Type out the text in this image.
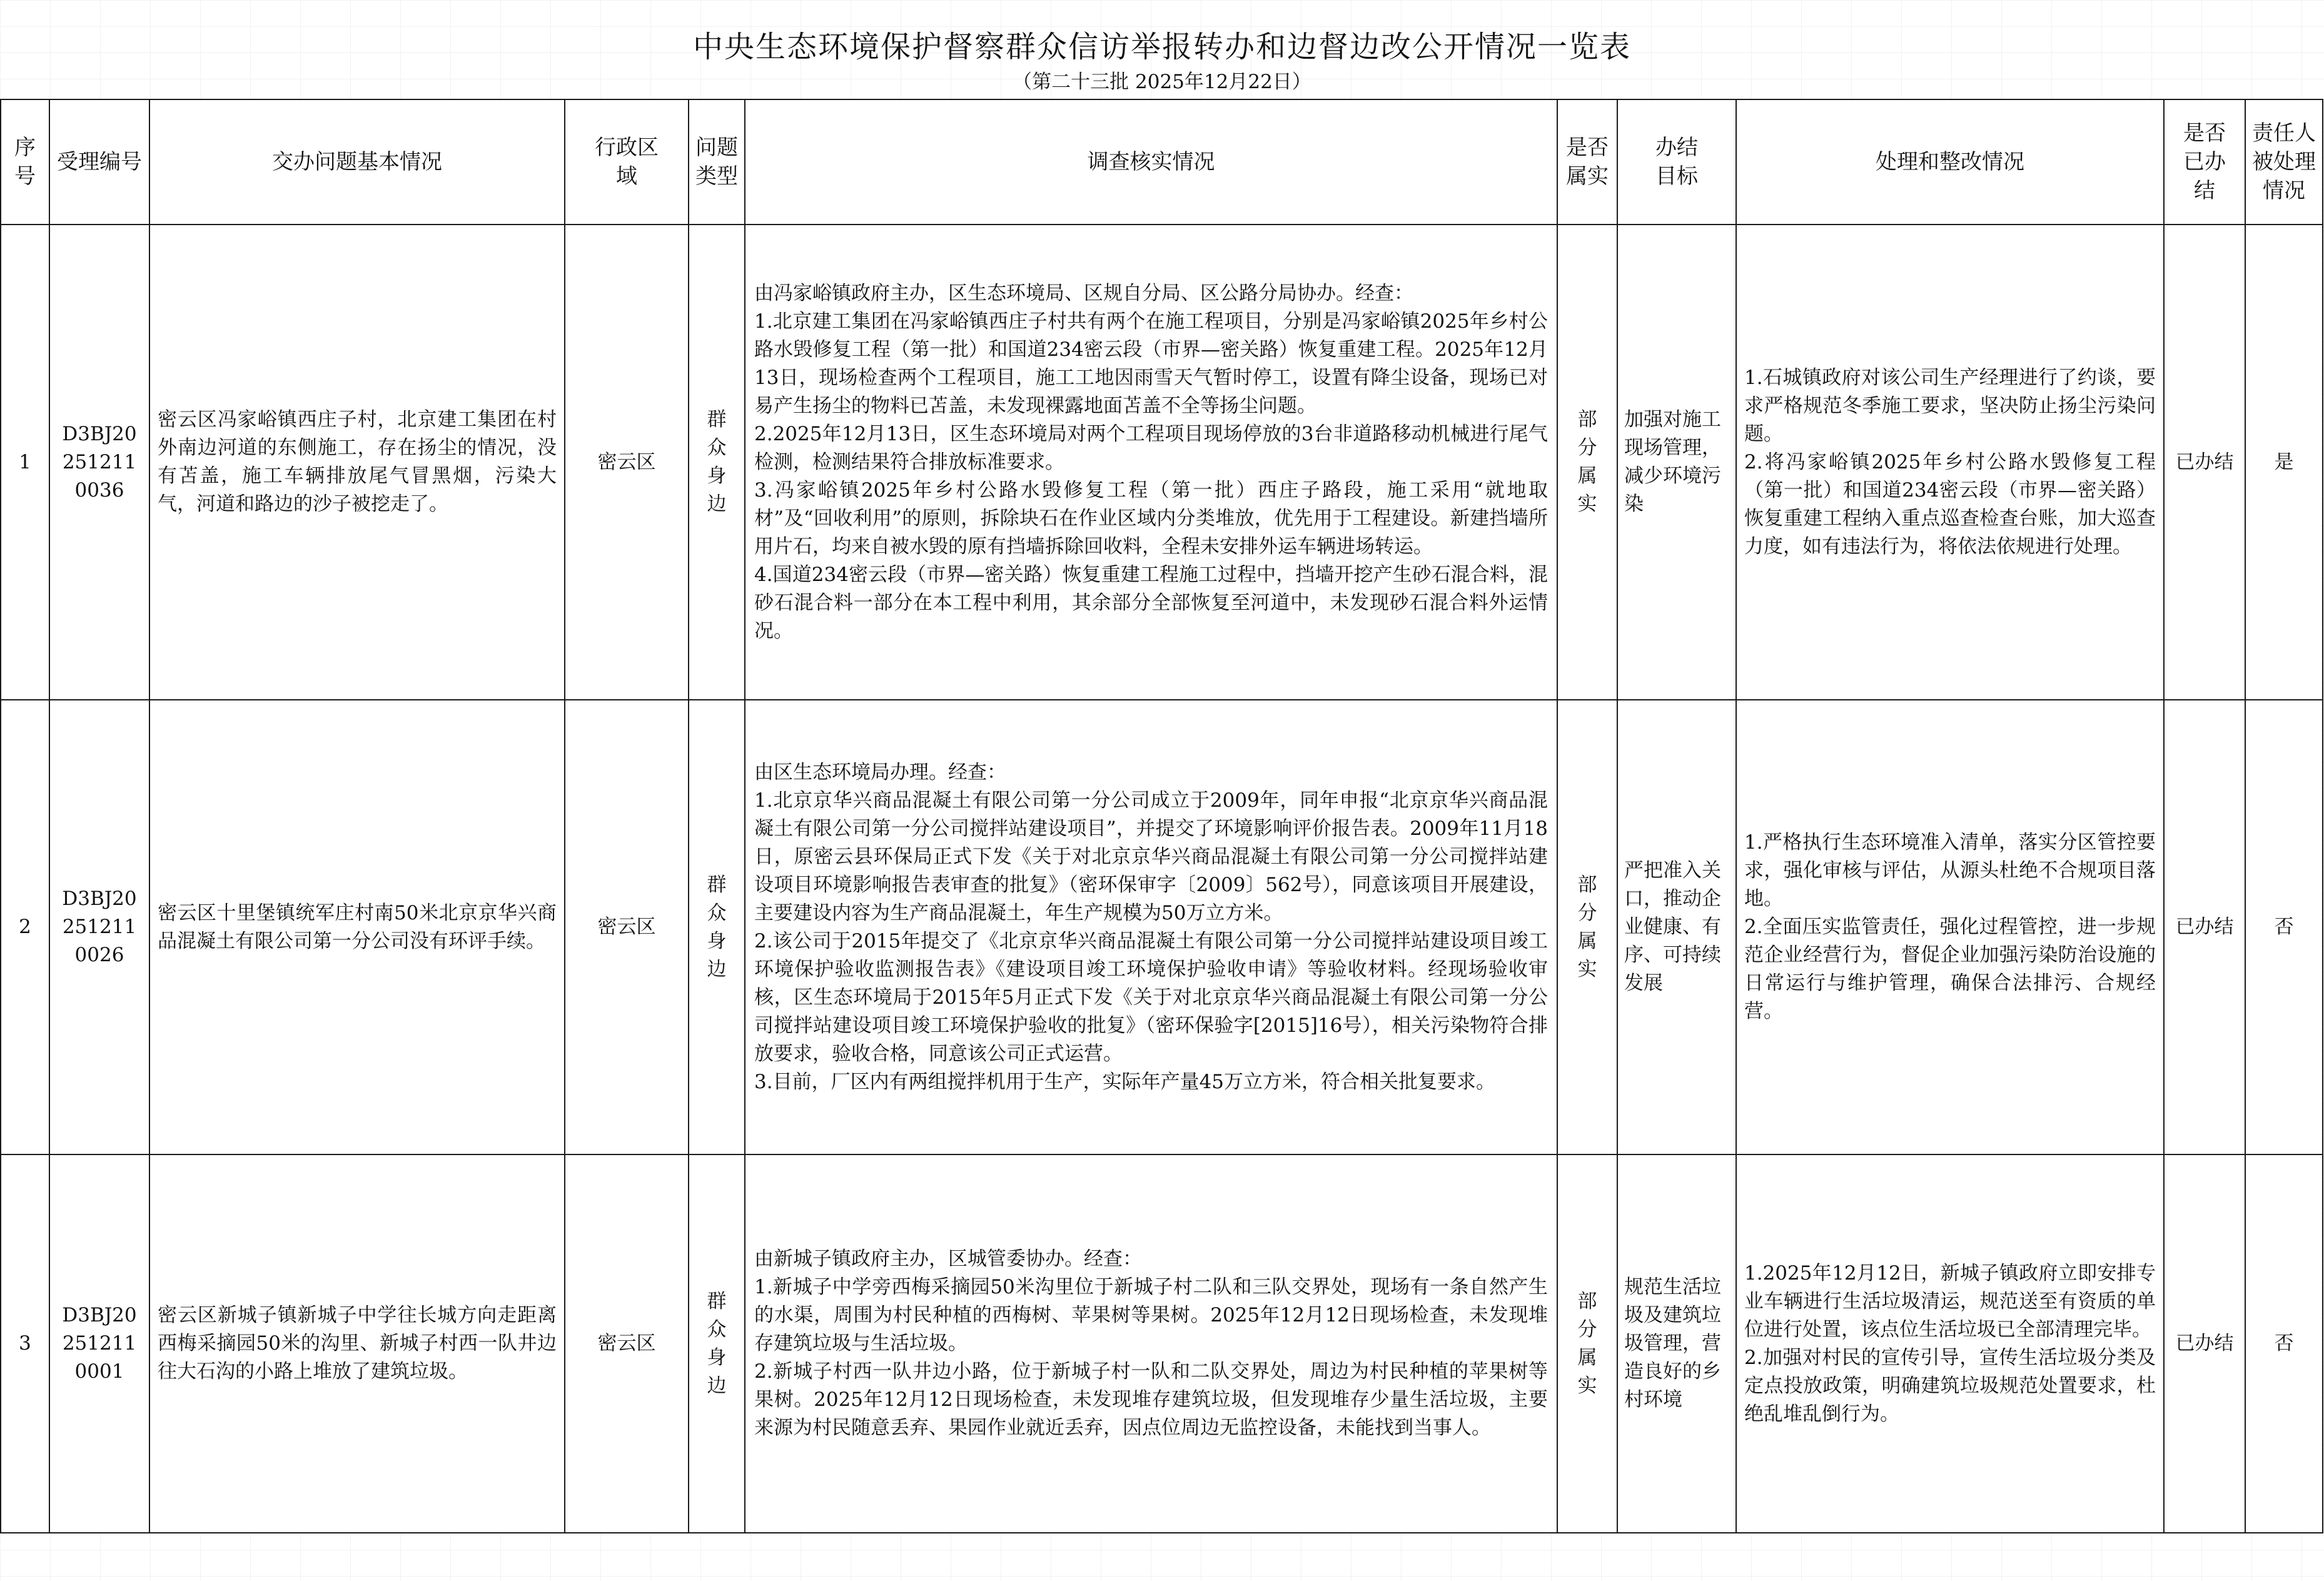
中央生态环境保护督察群众信访举报转办和边督边改公开情况一览表
（第二十三批 2025年12月22日）
序号	受理编号	交办问题基本情况	行政区域	问题类型	调查核实情况	是否属实	办结目标	处理和整改情况	是否已办结	责任人被处理情况
1	D3BJ202512110036	密云区冯家峪镇西庄子村，北京建工集团在村外南边河道的东侧施工，存在扬尘的情况，没有苫盖，施工车辆排放尾气冒黑烟，污染大气，河道和路边的沙子被挖走了。	密云区	群众身边	由冯家峪镇政府主办，区生态环境局、区规自分局、区公路分局协办。经查：
1.北京建工集团在冯家峪镇西庄子村共有两个在施工程项目，分别是冯家峪镇2025年乡村公路水毁修复工程（第一批）和国道234密云段（市界—密关路）恢复重建工程。2025年12月13日，现场检查两个工程项目，施工工地因雨雪天气暂时停工，设置有降尘设备，现场已对易产生扬尘的物料已苫盖，未发现裸露地面苫盖不全等扬尘问题。
2.2025年12月13日，区生态环境局对两个工程项目现场停放的3台非道路移动机械进行尾气检测，检测结果符合排放标准要求。
3.冯家峪镇2025年乡村公路水毁修复工程（第一批）西庄子路段，施工采用“就地取材”及“回收利用”的原则，拆除块石在作业区域内分类堆放，优先用于工程建设。新建挡墙所用片石，均来自被水毁的原有挡墙拆除回收料，全程未安排外运车辆进场转运。
4.国道234密云段（市界—密关路）恢复重建工程施工过程中，挡墙开挖产生砂石混合料，混砂石混合料一部分在本工程中利用，其余部分全部恢复至河道中，未发现砂石混合料外运情况。	部分属实	加强对施工现场管理，减少环境污染	1.石城镇政府对该公司生产经理进行了约谈，要求严格规范冬季施工要求，坚决防止扬尘污染问题。
2.将冯家峪镇2025年乡村公路水毁修复工程（第一批）和国道234密云段（市界—密关路）恢复重建工程纳入重点巡查检查台账，加大巡查力度，如有违法行为，将依法依规进行处理。	已办结	是
2	D3BJ202512110026	密云区十里堡镇统军庄村南50米北京京华兴商品混凝土有限公司第一分公司没有环评手续。	密云区	群众身边	由区生态环境局办理。经查：
1.北京京华兴商品混凝土有限公司第一分公司成立于2009年，同年申报“北京京华兴商品混凝土有限公司第一分公司搅拌站建设项目”，并提交了环境影响评价报告表。2009年11月18日，原密云县环保局正式下发《关于对北京京华兴商品混凝土有限公司第一分公司搅拌站建设项目环境影响报告表审查的批复》（密环保审字〔2009〕562号），同意该项目开展建设，主要建设内容为生产商品混凝土，年生产规模为50万立方米。
2.该公司于2015年提交了《北京京华兴商品混凝土有限公司第一分公司搅拌站建设项目竣工环境保护验收监测报告表》《建设项目竣工环境保护验收申请》等验收材料。经现场验收审核，区生态环境局于2015年5月正式下发《关于对北京京华兴商品混凝土有限公司第一分公司搅拌站建设项目竣工环境保护验收的批复》（密环保验字[2015]16号），相关污染物符合排放要求，验收合格，同意该公司正式运营。
3.目前，厂区内有两组搅拌机用于生产，实际年产量45万立方米，符合相关批复要求。	部分属实	严把准入关口，推动企业健康、有序、可持续发展	1.严格执行生态环境准入清单，落实分区管控要求，强化审核与评估，从源头杜绝不合规项目落地。
2.全面压实监管责任，强化过程管控，进一步规范企业经营行为，督促企业加强污染防治设施的日常运行与维护管理，确保合法排污、合规经营。	已办结	否
3	D3BJ202512110001	密云区新城子镇新城子中学往长城方向走距离西梅采摘园50米的沟里、新城子村西一队井边往大石沟的小路上堆放了建筑垃圾。	密云区	群众身边	由新城子镇政府主办，区城管委协办。经查：
1.新城子中学旁西梅采摘园50米沟里位于新城子村二队和三队交界处，现场有一条自然产生的水渠，周围为村民种植的西梅树、苹果树等果树。2025年12月12日现场检查，未发现堆存建筑垃圾与生活垃圾。
2.新城子村西一队井边小路，位于新城子村一队和二队交界处，周边为村民种植的苹果树等果树。2025年12月12日现场检查，未发现堆存建筑垃圾，但发现堆存少量生活垃圾，主要来源为村民随意丢弃、果园作业就近丢弃，因点位周边无监控设备，未能找到当事人。	部分属实	规范生活垃圾及建筑垃圾管理，营造良好的乡村环境	1.2025年12月12日，新城子镇政府立即安排专业车辆进行生活垃圾清运，规范送至有资质的单位进行处置，该点位生活垃圾已全部清理完毕。
2.加强对村民的宣传引导，宣传生活垃圾分类及定点投放政策，明确建筑垃圾规范处置要求，杜绝乱堆乱倒行为。	已办结	否
